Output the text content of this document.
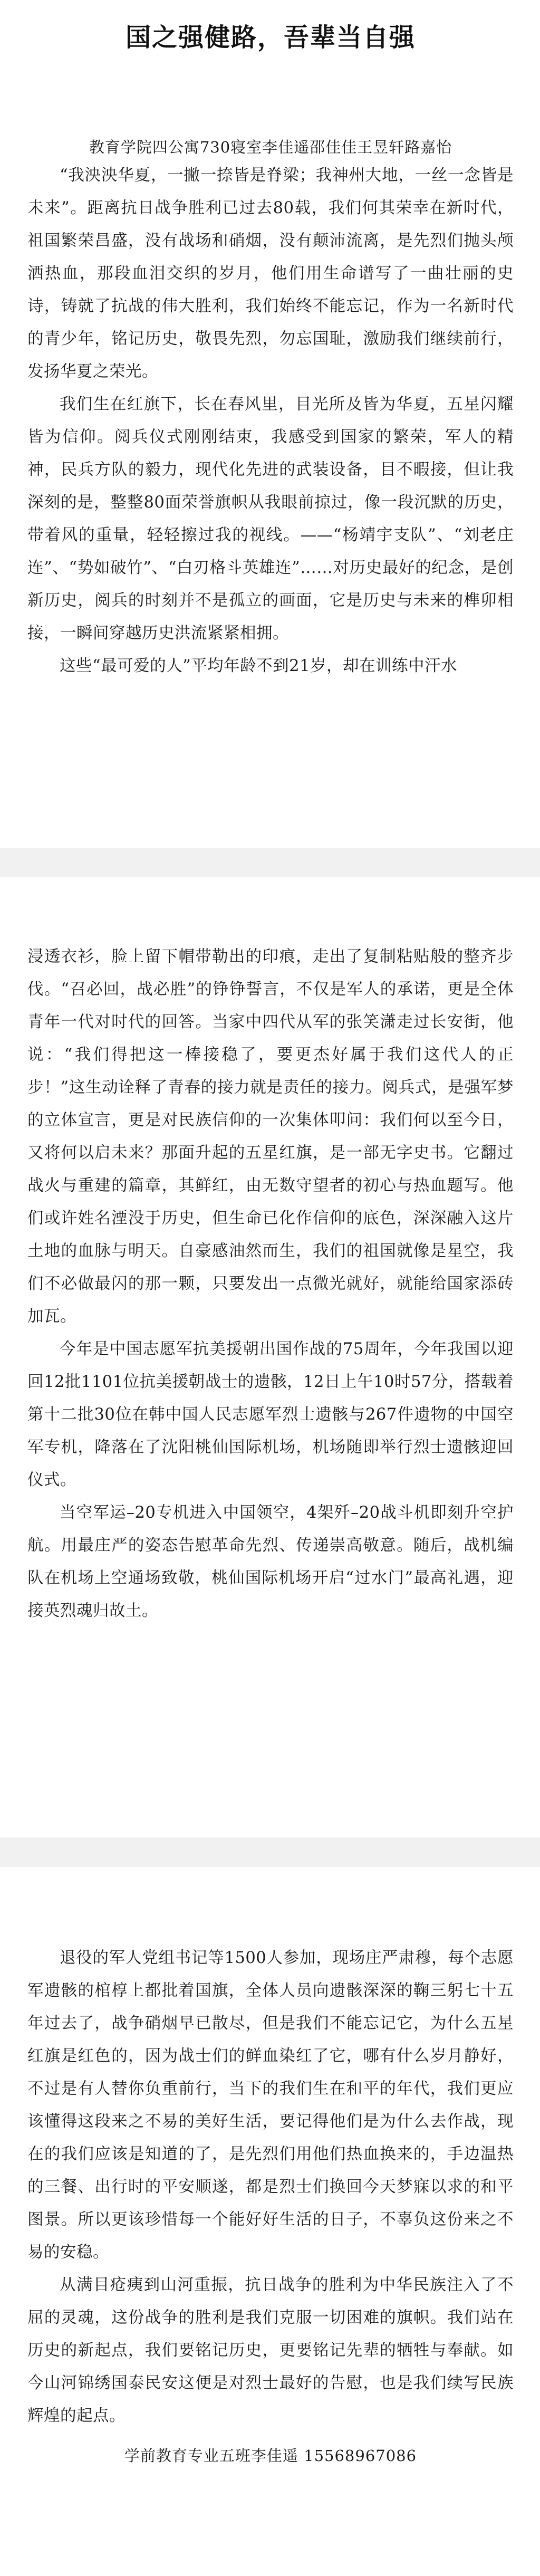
国之强健路，吾辈当自强

教育学院四公寓730寝室李佳遥邵佳佳王昱轩路嘉怡

“我泱泱华夏，一撇一捺皆是脊梁；我神州大地，一丝一念皆是未来”。距离抗日战争胜利已过去80载，我们何其荣幸在新时代，祖国繁荣昌盛，没有战场和硝烟，没有颠沛流离，是先烈们抛头颅洒热血，那段血泪交织的岁月，他们用生命谱写了一曲壮丽的史诗，铸就了抗战的伟大胜利，我们始终不能忘记，作为一名新时代的青少年，铭记历史，敬畏先烈，勿忘国耻，激励我们继续前行，发扬华夏之荣光。

我们生在红旗下，长在春风里，目光所及皆为华夏，五星闪耀皆为信仰。阅兵仪式刚刚结束，我感受到国家的繁荣，军人的精神，民兵方队的毅力，现代化先进的武装设备，目不暇接，但让我深刻的是，整整80面荣誉旗帜从我眼前掠过，像一段沉默的历史，带着风的重量，轻轻擦过我的视线。——“杨靖宇支队”、“刘老庄连”、“势如破竹”、“白刃格斗英雄连”……对历史最好的纪念，是创新历史，阅兵的时刻并不是孤立的画面，它是历史与未来的榫卯相接，一瞬间穿越历史洪流紧紧相拥。

这些“最可爱的人”平均年龄不到21岁，却在训练中汗水

浸透衣衫，脸上留下帽带勒出的印痕，走出了复制粘贴般的整齐步伐。“召必回，战必胜”的铮铮誓言，不仅是军人的承诺，更是全体青年一代对时代的回答。当家中四代从军的张笑潇走过长安街，他说：“我们得把这一棒接稳了，要更杰好属于我们这代人的正步！”这生动诠释了青春的接力就是责任的接力。阅兵式，是强军梦的立体宣言，更是对民族信仰的一次集体叩问：我们何以至今日，又将何以启未来？那面升起的五星红旗，是一部无字史书。它翻过战火与重建的篇章，其鲜红，由无数守望者的初心与热血题写。他们或许姓名湮没于历史，但生命已化作信仰的底色，深深融入这片土地的血脉与明天。自豪感油然而生，我们的祖国就像是星空，我们不必做最闪的那一颗，只要发出一点微光就好，就能给国家添砖加瓦。

今年是中国志愿军抗美援朝出国作战的75周年，今年我国以迎回12批1101位抗美援朝战士的遗骸，12日上午10时57分，搭载着第十二批30位在韩中国人民志愿军烈士遗骸与267件遗物的中国空军专机，降落在了沈阳桃仙国际机场，机场随即举行烈士遗骸迎回仪式。

当空军运–20专机进入中国领空，4架歼–20战斗机即刻升空护航。用最庄严的姿态告慰革命先烈、传递崇高敬意。随后，战机编队在机场上空通场致敬，桃仙国际机场开启“过水门”最高礼遇，迎接英烈魂归故土。

退役的军人党组书记等1500人参加，现场庄严肃穆，每个志愿军遗骸的棺椁上都批着国旗，全体人员向遗骸深深的鞠三躬七十五年过去了，战争硝烟早已散尽，但是我们不能忘记它，为什么五星红旗是红色的，因为战士们的鲜血染红了它，哪有什么岁月静好，不过是有人替你负重前行，当下的我们生在和平的年代，我们更应该懂得这段来之不易的美好生活，要记得他们是为什么去作战，现在的我们应该是知道的了，是先烈们用他们热血换来的，手边温热的三餐、出行时的平安顺遂，都是烈士们换回今天梦寐以求的和平图景。所以更该珍惜每一个能好好生活的日子，不辜负这份来之不易的安稳。

从满目疮痍到山河重振，抗日战争的胜利为中华民族注入了不屈的灵魂，这份战争的胜利是我们克服一切困难的旗帜。我们站在历史的新起点，我们要铭记历史，更要铭记先辈的牺牲与奉献。如今山河锦绣国泰民安这便是对烈士最好的告慰，也是我们续写民族辉煌的起点。

学前教育专业五班李佳遥 15568967086
